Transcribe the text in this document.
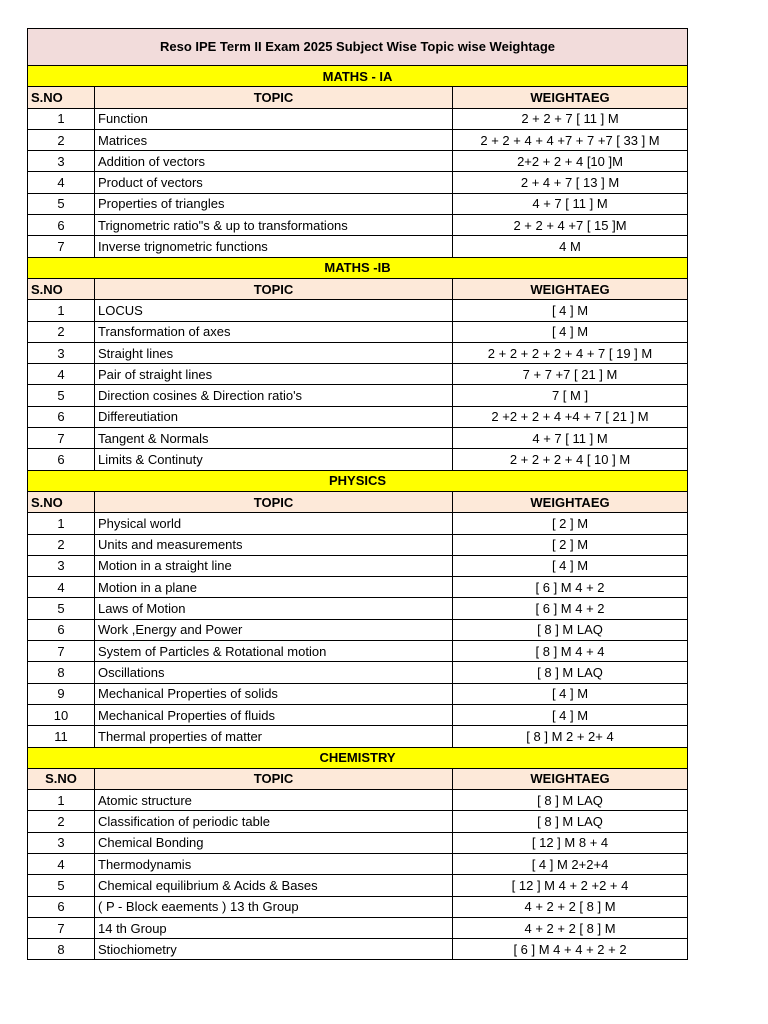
Reso IPE Term II Exam 2025 Subject Wise Topic wise Weightage		
MATHS - IA		
S.NO	TOPIC	WEIGHTAEG
1	Function	2 + 2 + 7 [ 11 ] M
2	Matrices	2 + 2 + 4 + 4 +7 + 7 +7 [ 33 ] M
3	Addition of vectors	2+2 + 2 + 4 [10 ]M
4	Product of vectors	2 + 4 + 7 [ 13 ] M
5	Properties of triangles	4 + 7 [ 11 ] M
6	Trignometric ratio"s & up to transformations	2 + 2 + 4 +7 [ 15 ]M
7	Inverse trignometric functions	4 M
MATHS -IB		
S.NO	TOPIC	WEIGHTAEG
1	LOCUS	[ 4 ] M
2	Transformation of axes	[ 4 ] M
3	Straight lines	2 + 2 + 2 + 2 + 4 + 7 [ 19 ] M
4	Pair of straight lines	7 + 7 +7 [ 21 ] M
5	Direction cosines & Direction ratio's	7 [ M ]
6	Differeutiation	2 +2 + 2 + 4 +4 + 7 [ 21 ] M
7	Tangent & Normals	4 + 7 [ 11 ] M
6	Limits & Continuty	2 + 2 + 2 + 4 [ 10 ] M
PHYSICS		
S.NO	TOPIC	WEIGHTAEG
1	Physical world	[ 2 ] M
2	Units and measurements	[ 2 ] M
3	Motion in a straight line	[ 4 ] M
4	Motion in a plane	[ 6 ] M 4 + 2
5	Laws of Motion	[ 6 ] M 4 + 2
6	Work ,Energy and Power	[ 8 ] M LAQ
7	System of Particles & Rotational motion	[ 8 ] M 4 + 4
8	Oscillations	[ 8 ] M LAQ
9	Mechanical Properties of solids	[ 4 ] M
10	Mechanical Properties of fluids	[ 4 ] M
11	Thermal properties of matter	[ 8 ] M 2 + 2+ 4
CHEMISTRY		
S.NO	TOPIC	WEIGHTAEG
1	Atomic structure	[ 8 ] M LAQ
2	Classification of periodic table	[ 8 ] M LAQ
3	Chemical Bonding	[ 12 ] M 8 + 4
4	Thermodynamis	[ 4 ] M 2+2+4
5	Chemical equilibrium & Acids & Bases	[ 12 ] M 4 + 2 +2 + 4
6	( P - Block eaements ) 13 th Group	4 + 2 + 2 [ 8 ] M
7	14 th Group	4 + 2 + 2 [ 8 ] M
8	Stiochiometry	[ 6 ] M 4 + 4 + 2 + 2
